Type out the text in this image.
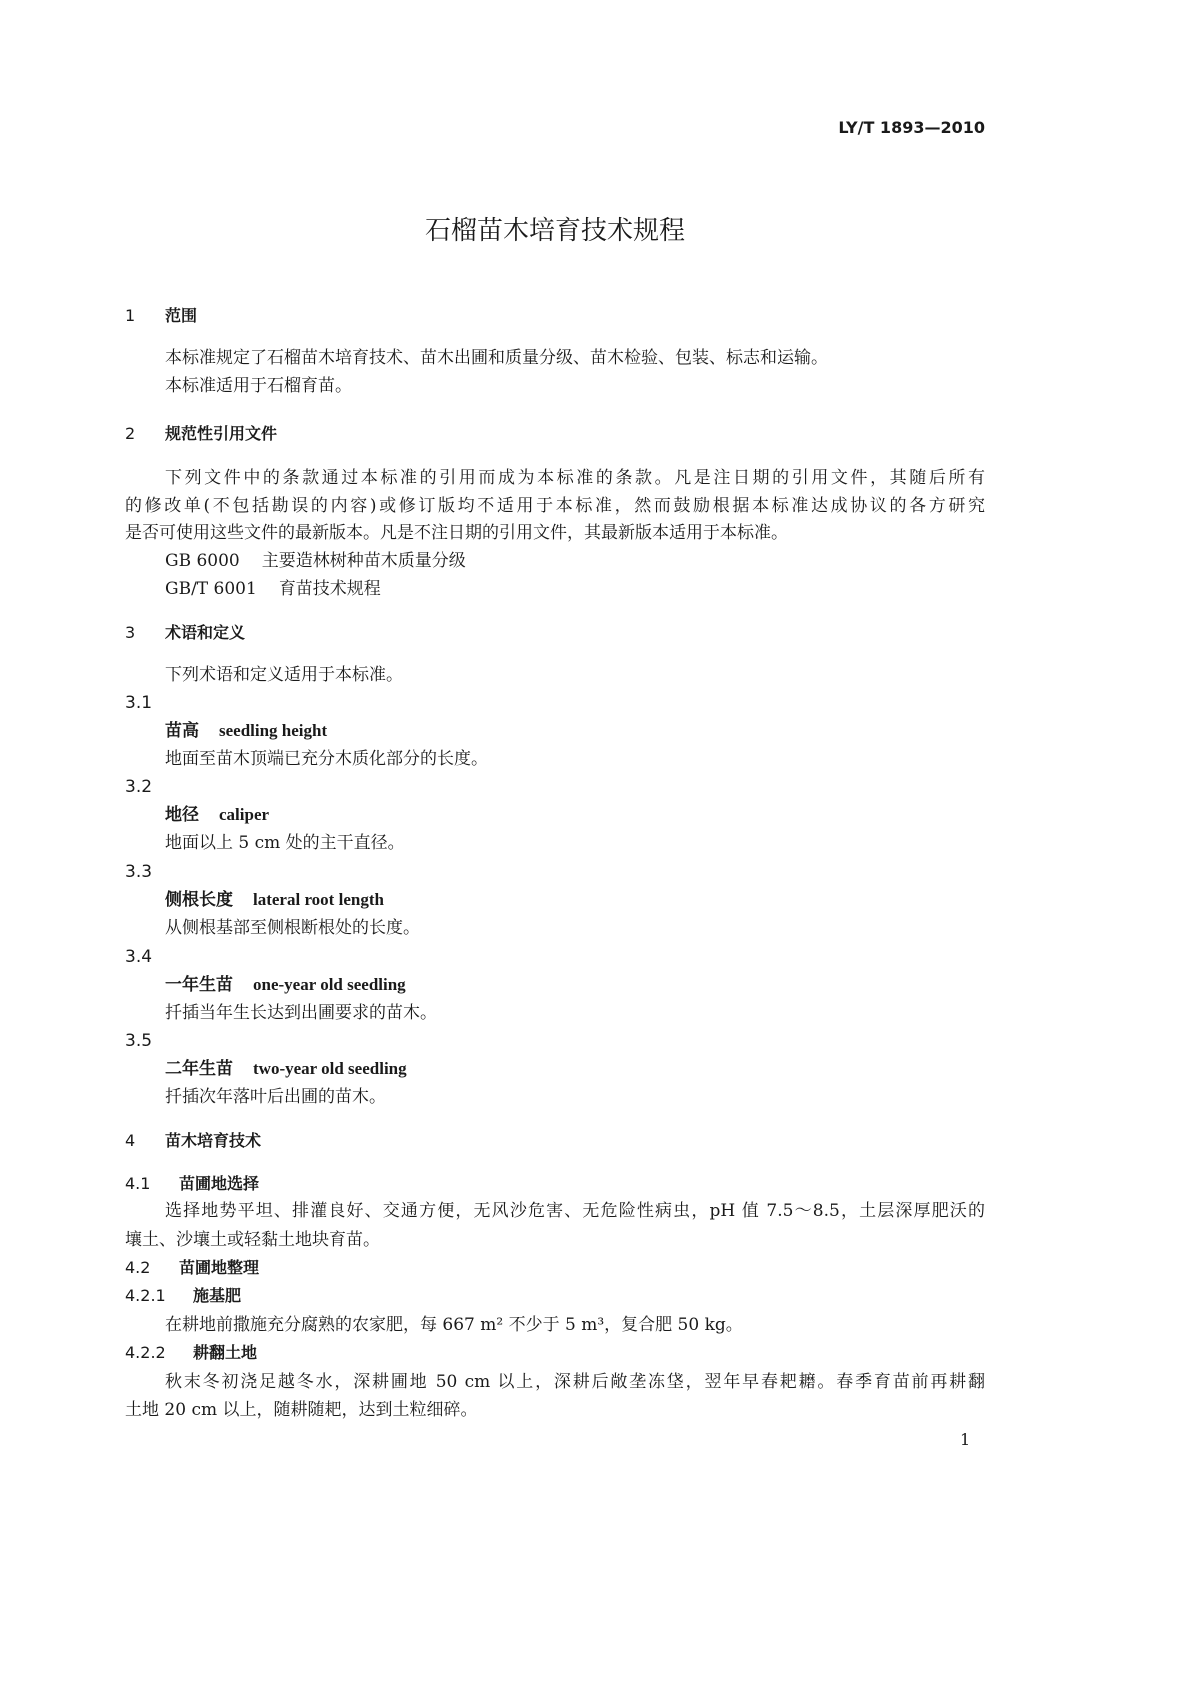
LY/T 1893—2010
石榴苗木培育技术规程
1 范围
本标准规定了石榴苗木培育技术、苗木出圃和质量分级、苗木检验、包装、标志和运输。
本标准适用于石榴育苗。
2 规范性引用文件
下列文件中的条款通过本标准的引用而成为本标准的条款。凡是注日期的引用文件，其随后所有
的修改单(不包括勘误的内容)或修订版均不适用于本标准，然而鼓励根据本标准达成协议的各方研究
是否可使用这些文件的最新版本。凡是不注日期的引用文件，其最新版本适用于本标准。
GB 6000 主要造林树种苗木质量分级
GB/T 6001 育苗技术规程
3 术语和定义
下列术语和定义适用于本标准。
3.1
苗高 seedling height
地面至苗木顶端已充分木质化部分的长度。
3.2
地径 caliper
地面以上 5 cm 处的主干直径。
3.3
侧根长度 lateral root length
从侧根基部至侧根断根处的长度。
3.4
一年生苗 one-year old seedling
扦插当年生长达到出圃要求的苗木。
3.5
二年生苗 two-year old seedling
扦插次年落叶后出圃的苗木。
4 苗木培育技术
4.1 苗圃地选择
选择地势平坦、排灌良好、交通方便，无风沙危害、无危险性病虫，pH 值 7.5～8.5，土层深厚肥沃的
壤土、沙壤土或轻黏土地块育苗。
4.2 苗圃地整理
4.2.1 施基肥
在耕地前撒施充分腐熟的农家肥，每 667 m² 不少于 5 m³，复合肥 50 kg。
4.2.2 耕翻土地
秋末冬初浇足越冬水，深耕圃地 50 cm 以上，深耕后敞垄冻垡，翌年早春耙耱。春季育苗前再耕翻
土地 20 cm 以上，随耕随耙，达到土粒细碎。
1
